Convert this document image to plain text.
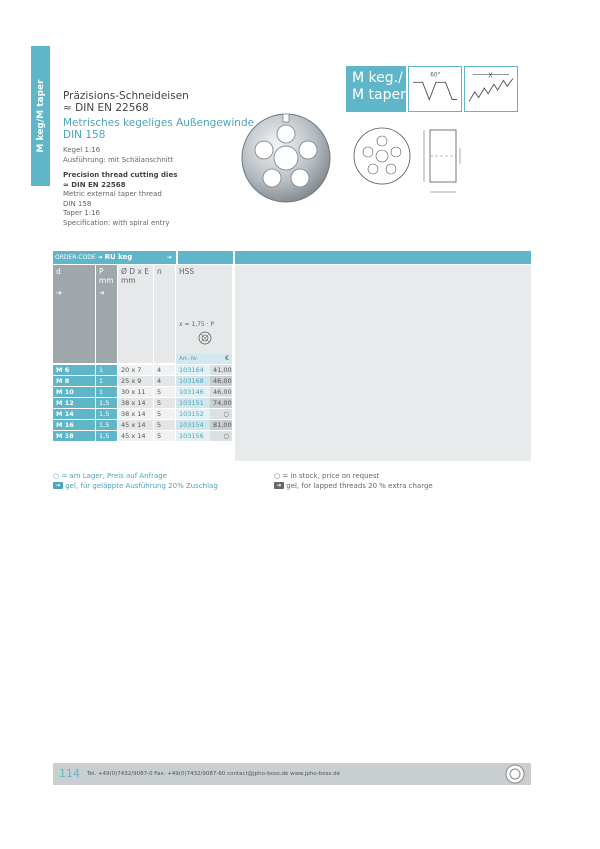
M keg/M taper
M keg./
M taper
60°	X
Präzisions-Schneideisen
≈ DIN EN 22568
Metrisches kegeliges Außengewinde
DIN 158
Kegel 1:16
Ausführung: mit Schälanschnitt
Precision thread cutting dies
≈ DIN EN 22568
Metric external taper thread
DIN 158
Taper 1:16
Specification: with spiral entry
ORDER-CODE ➔ RU keg	➔
d
➔
P
mm
➔
Ø D x E
mm
n	HSS
x = 1,75 · P
Art.-Nr.	€
M 6	1	20 x 7	4	103164	41,00
M 8	1	25 x 9	4	103168	46,00
M 10	1	30 x 11	5	103146	46,00
M 12	1,5	38 x 14	5	103151	74,00
M 14	1,5	38 x 14	5	103152	○
M 16	1,5	45 x 14	5	103154	81,00
M 18	1,5	45 x 14	5	103156	○
○ = am Lager, Preis auf Anfrage
➔ gel, für geläppte Ausführung 20% Zuschlag
○ = in stock, price on request
➔ gel, for lapped threads 20 % extra charge
114 Tel. +49(0)7432/9087-0 Fax. +49(0)7432/9087-60 contact@jpho-boss.de www.jpho-boss.de
